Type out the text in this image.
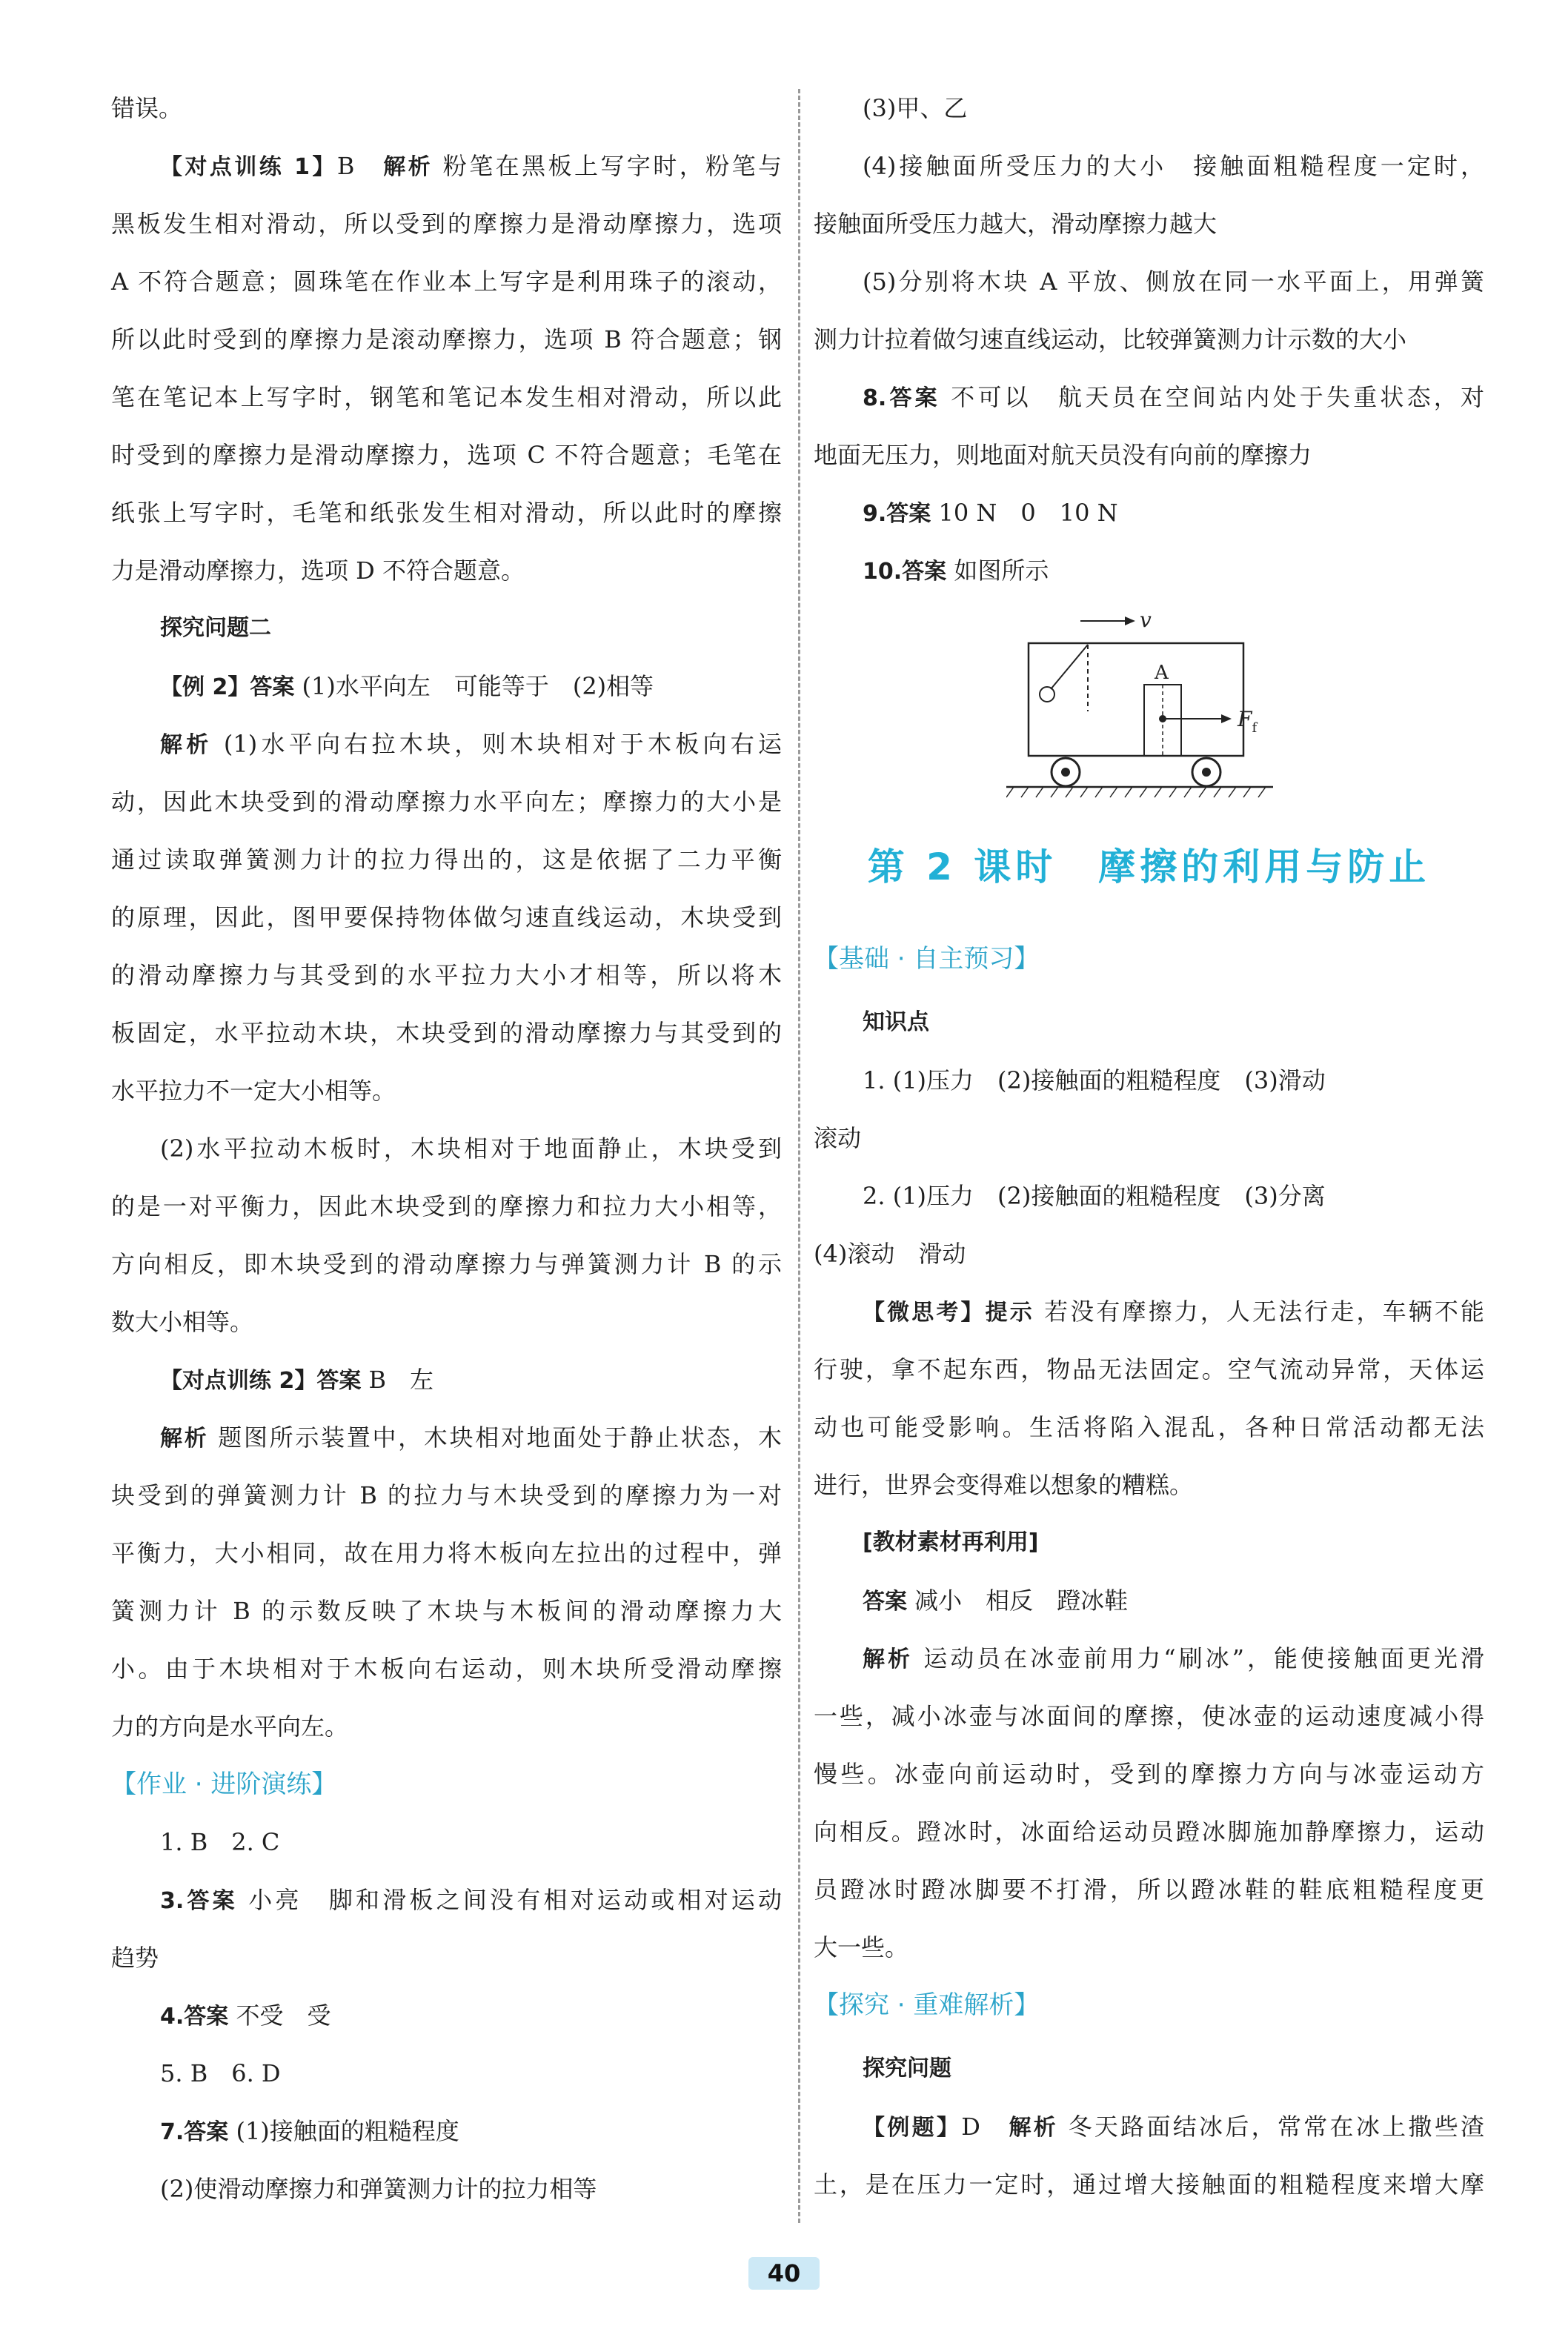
错误。
【对点训练 1】B　 解析 粉笔在黑板上写字时，粉笔与
黑板发生相对滑动，所以受到的摩擦力是滑动摩擦力，选项
A 不符合题意；圆珠笔在作业本上写字是利用珠子的滚动，
所以此时受到的摩擦力是滚动摩擦力，选项 B 符合题意；钢
笔在笔记本上写字时，钢笔和笔记本发生相对滑动，所以此
时受到的摩擦力是滑动摩擦力，选项 C 不符合题意；毛笔在
纸张上写字时，毛笔和纸张发生相对滑动，所以此时的摩擦
力是滑动摩擦力，选项 D 不符合题意。
探究问题二
【例 2】答案 (1)水平向左　可能等于　(2)相等
解析 (1)水平向右拉木块，则木块相对于木板向右运
动，因此木块受到的滑动摩擦力水平向左；摩擦力的大小是
通过读取弹簧测力计的拉力得出的，这是依据了二力平衡
的原理，因此，图甲要保持物体做匀速直线运动，木块受到
的滑动摩擦力与其受到的水平拉力大小才相等，所以将木
板固定，水平拉动木块，木块受到的滑动摩擦力与其受到的
水平拉力不一定大小相等。
(2)水平拉动木板时，木块相对于地面静止，木块受到
的是一对平衡力，因此木块受到的摩擦力和拉力大小相等，
方向相反，即木块受到的滑动摩擦力与弹簧测力计 B 的示
数大小相等。
【对点训练 2】答案 B　左
解析 题图所示装置中，木块相对地面处于静止状态，木
块受到的弹簧测力计 B 的拉力与木块受到的摩擦力为一对
平衡力，大小相同，故在用力将木板向左拉出的过程中，弹
簧测力计 B 的示数反映了木块与木板间的滑动摩擦力大
小。由于木块相对于木板向右运动，则木块所受滑动摩擦
力的方向是水平向左。
【作业 · 进阶演练】
1. B　2. C
3.答案 小亮　脚和滑板之间没有相对运动或相对运动
趋势
4.答案 不受　受
5. B　6. D
7.答案 (1)接触面的粗糙程度
(2)使滑动摩擦力和弹簧测力计的拉力相等
(3)甲、乙
(4)接触面所受压力的大小　接触面粗糙程度一定时，
接触面所受压力越大，滑动摩擦力越大
(5)分别将木块 A 平放、侧放在同一水平面上，用弹簧
测力计拉着做匀速直线运动，比较弹簧测力计示数的大小
8.答案 不可以　航天员在空间站内处于失重状态，对
地面无压力，则地面对航天员没有向前的摩擦力
9.答案 10 N　0　10 N
10.答案 如图所示
v
A
$F_f$
第 2 课时　摩擦的利用与防止
【基础 · 自主预习】
知识点
1. (1)压力　(2)接触面的粗糙程度　(3)滑动
滚动
2. (1)压力　(2)接触面的粗糙程度　(3)分离
(4)滚动　滑动
【微思考】提示 若没有摩擦力，人无法行走，车辆不能
行驶，拿不起东西，物品无法固定。空气流动异常，天体运
动也可能受影响。生活将陷入混乱，各种日常活动都无法
进行，世界会变得难以想象的糟糕。
[教材素材再利用]
答案 减小　相反　蹬冰鞋
解析 运动员在冰壶前用力“刷冰”，能使接触面更光滑
一些，减小冰壶与冰面间的摩擦，使冰壶的运动速度减小得
慢些。冰壶向前运动时，受到的摩擦力方向与冰壶运动方
向相反。蹬冰时，冰面给运动员蹬冰脚施加静摩擦力，运动
员蹬冰时蹬冰脚要不打滑，所以蹬冰鞋的鞋底粗糙程度更
大一些。
【探究 · 重难解析】
探究问题
【例题】D　 解析 冬天路面结冰后，常常在冰上撒些渣
土，是在压力一定时，通过增大接触面的粗糙程度来增大摩
40
